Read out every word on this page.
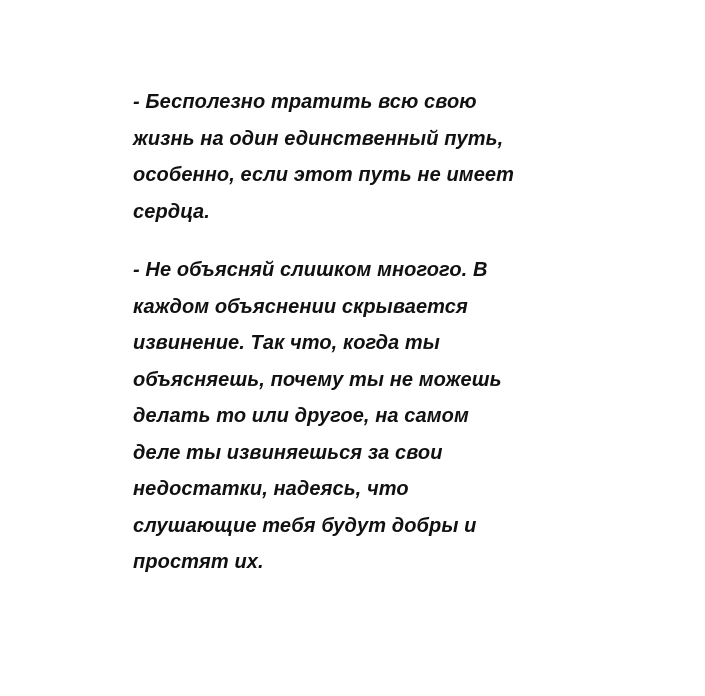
- Бесполезно тратить всю свою
жизнь на один единственный путь,
особенно, если этот путь не имеет
сердца.

- Не объясняй слишком многого. В
каждом объяснении скрывается
извинение. Так что, когда ты
объясняешь, почему ты не можешь
делать то или другое, на самом
деле ты извиняешься за свои
недостатки, надеясь, что
слушающие тебя будут добры и
простят их.
